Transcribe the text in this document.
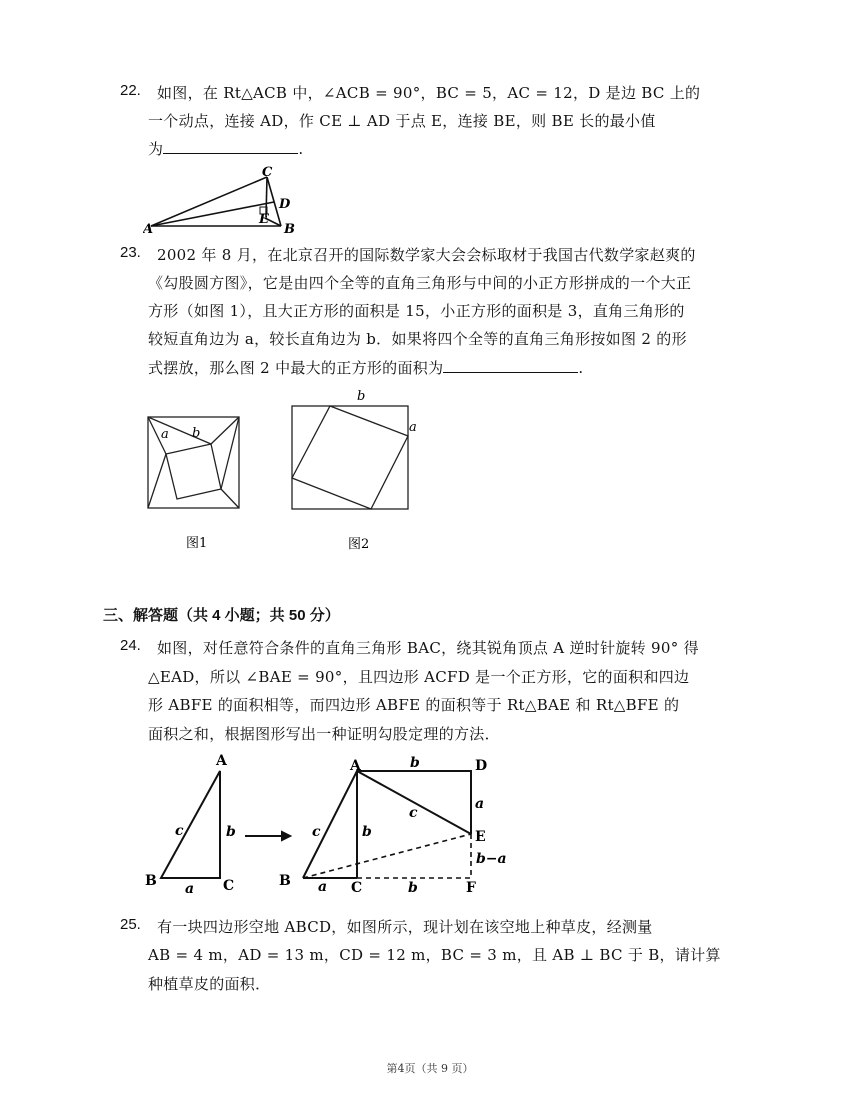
22. 如图，在 Rt△ACB 中，∠ACB = 90°，BC = 5，AC = 12，D 是边 BC 上的
一个动点，连接 AD，作 CE ⊥ AD 于点 E，连接 BE，则 BE 长的最小值
为	.
A
C
D
E
B
23. 2002 年 8 月，在北京召开的国际数学家大会会标取材于我国古代数学家赵爽的
《勾股圆方图》，它是由四个全等的直角三角形与中间的小正方形拼成的一个大正
方形（如图 1），且大正方形的面积是 15，小正方形的面积是 3，直角三角形的
较短直角边为 a，较长直角边为 b．如果将四个全等的直角三角形按如图 2 的形
式摆放，那么图 2 中最大的正方形的面积为	.
a b
b
a
图1	图2
三、解答题（共 4 小题；共 50 分）
24. 如图，对任意符合条件的直角三角形 BAC，绕其锐角顶点 A 逆时针旋转 90° 得
△EAD，所以 ∠BAE = 90°，且四边形 ACFD 是一个正方形，它的面积和四边
形 ABFE 的面积相等，而四边形 ABFE 的面积等于 Rt△BAE 和 Rt△BFE 的
面积之和，根据图形写出一种证明勾股定理的方法．
A
B	C
c	b
a
A	D
E
B	C	F
b
a
b−a
c	b
c
a	b
25. 有一块四边形空地 ABCD，如图所示，现计划在该空地上种草皮，经测量
AB = 4 m，AD = 13 m，CD = 12 m，BC = 3 m，且 AB ⊥ BC 于 B，请计算
种植草皮的面积．
第4页（共 9 页）
